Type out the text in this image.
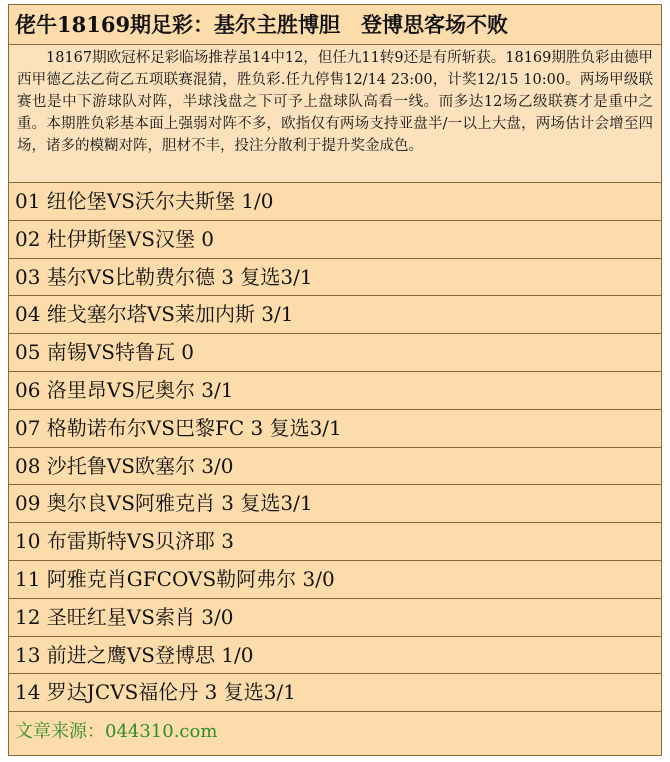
佬牛18169期足彩：基尔主胜博胆　登博思客场不败
18167期欧冠杯足彩临场推荐虽14中12，但任九11转9还是有所斩获。18169期胜负彩由德甲西甲德乙法乙荷乙五项联赛混猜，胜负彩.任九停售12/14 23:00，计奖12/15 10:00。两场甲级联赛也是中下游球队对阵，半球浅盘之下可予上盘球队高看一线。而多达12场乙级联赛才是重中之重。本期胜负彩基本面上强弱对阵不多，欧指仅有两场支持亚盘半/一以上大盘，两场估计会增至四场，诸多的模糊对阵，胆材不丰，投注分散利于提升奖金成色。
01 纽伦堡VS沃尔夫斯堡 1/0
02 杜伊斯堡VS汉堡 0
03 基尔VS比勒费尔德 3 复选3/1
04 维戈塞尔塔VS莱加内斯 3/1
05 南锡VS特鲁瓦 0
06 洛里昂VS尼奥尔 3/1
07 格勒诺布尔VS巴黎FC 3 复选3/1
08 沙托鲁VS欧塞尔 3/0
09 奥尔良VS阿雅克肖 3 复选3/1
10 布雷斯特VS贝济耶 3
11 阿雅克肖GFCOVS勒阿弗尔 3/0
12 圣旺红星VS索肖 3/0
13 前进之鹰VS登博思 1/0
14 罗达JCVS福伦丹 3 复选3/1
文章来源：044310.com
